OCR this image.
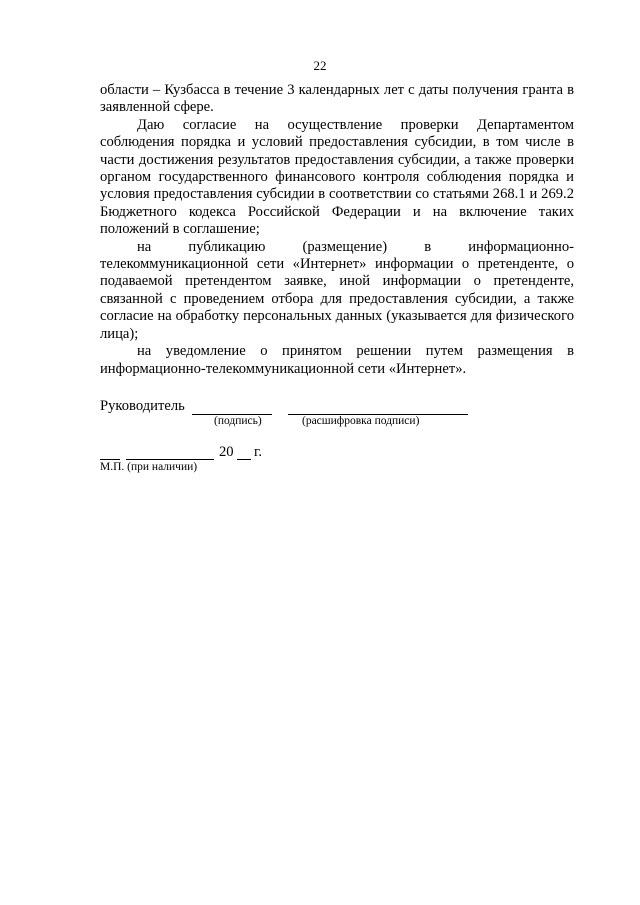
22

области – Кузбасса в течение 3 календарных лет с даты получения гранта в заявленной сфере.

Даю согласие на осуществление проверки Департаментом соблюдения порядка и условий предоставления субсидии, в том числе в части достижения результатов предоставления субсидии, а также проверки органом государственного финансового контроля соблюдения порядка и условия предоставления субсидии в соответствии со статьями 268.1 и 269.2 Бюджетного кодекса Российской Федерации и на включение таких положений в соглашение;

на публикацию (размещение) в информационно-телекоммуникационной сети «Интернет» информации о претенденте, о подаваемой претендентом заявке, иной информации о претенденте, связанной с проведением отбора для предоставления субсидии, а также согласие на обработку персональных данных (указывается для физического лица);

на уведомление о принятом решении путем размещения в информационно-телекоммуникационной сети «Интернет».

Руководитель
(подпись)	(расшифровка подписи)
20 г.
М.П. (при наличии)
